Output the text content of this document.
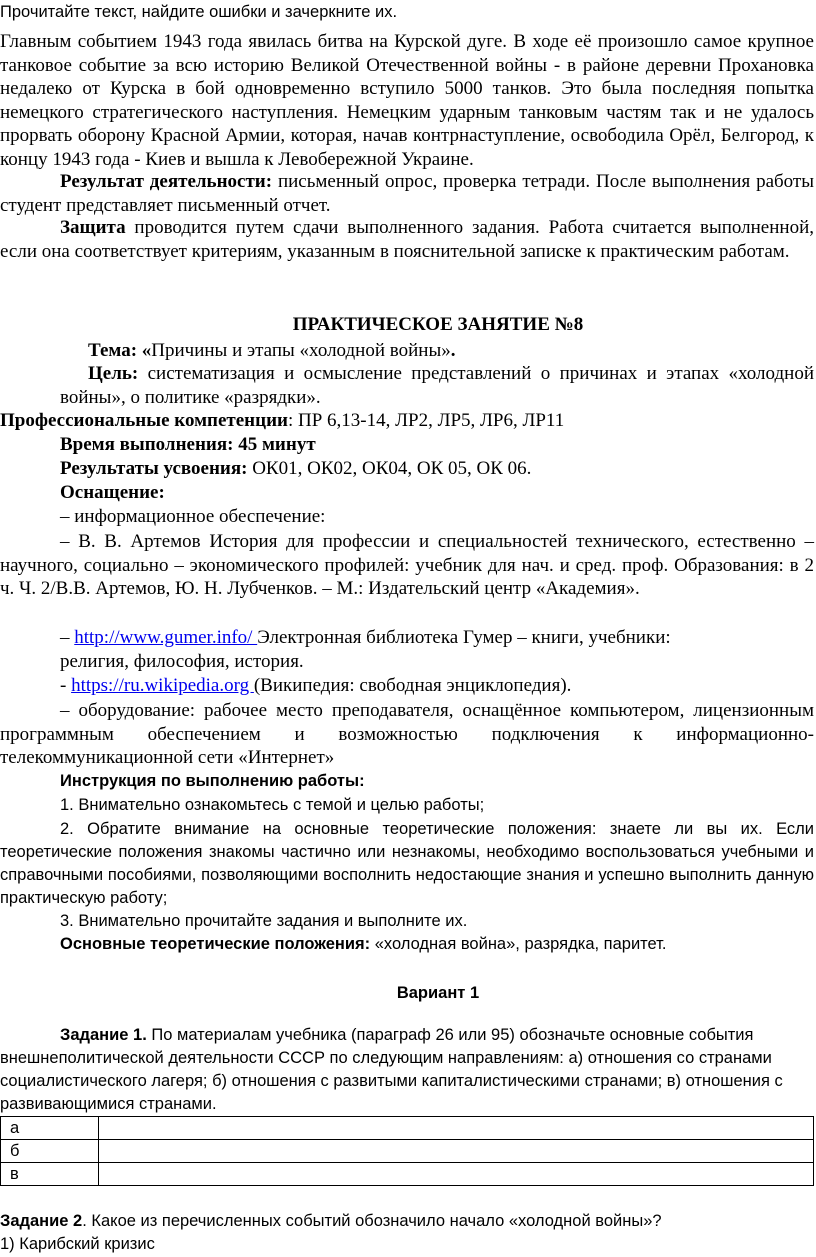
Прочитайте текст, найдите ошибки и зачеркните их.
Главным событием 1943 года явилась битва на Курской дуге. В ходе её произошло самое крупное танковое событие за всю историю Великой Отечественной войны - в районе деревни Прохановка недалеко от Курска в бой одновременно вступило 5000 танков. Это была последняя попытка немецкого стратегического наступления. Немецким ударным танковым частям так и не удалось прорвать оборону Красной Армии, которая, начав контрнаступление, освободила Орёл, Белгород, к концу 1943 года - Киев и вышла к Левобережной Украине.
Результат деятельности: письменный опрос, проверка тетради. После выполнения работы студент представляет письменный отчет.
Защита проводится путем сдачи выполненного задания. Работа считается выполненной, если она соответствует критериям, указанным в пояснительной записке к практическим работам.
ПРАКТИЧЕСКОЕ ЗАНЯТИЕ №8
Тема: «Причины и этапы «холодной войны».
Цель: систематизация и осмысление представлений о причинах и этапах «холодной войны», о политике «разрядки».
Профессиональные компетенции: ПР 6,13-14, ЛР2, ЛР5, ЛР6, ЛР11
Время выполнения: 45 минут
Результаты усвоения: ОК01, ОК02, ОК04, ОК 05, ОК 06.
Оснащение:
– информационное обеспечение:
– В. В. Артемов История для профессии и специальностей технического, естественно – научного, социально – экономического профилей: учебник для нач. и сред. проф. Образования: в 2 ч. Ч. 2/В.В. Артемов, Ю. Н. Лубченков. – М.: Издательский центр «Академия».
– http://www.gumer.info/ Электронная библиотека Гумер – книги, учебники:
религия, философия, история.
- https://ru.wikipedia.org (Википедия: свободная энциклопедия).
– оборудование: рабочее место преподавателя, оснащённое компьютером, лицензионным программным обеспечением и возможностью подключения к информационно-телекоммуникационной сети «Интернет»
Инструкция по выполнению работы:
1. Внимательно ознакомьтесь с темой и целью работы;
2. Обратите внимание на основные теоретические положения: знаете ли вы их. Если теоретические положения знакомы частично или незнакомы, необходимо воспользоваться учебными и справочными пособиями, позволяющими восполнить недостающие знания и успешно выполнить данную практическую работу;
3. Внимательно прочитайте задания и выполните их.
Основные теоретические положения: «холодная война», разрядка, паритет.
Вариант 1
Задание 1. По материалам учебника (параграф 26 или 95) обозначьте основные события внешнеполитической деятельности СССР по следующим направлениям: а) отношения со странами социалистического лагеря; б) отношения с развитыми капиталистическими странами; в) отношения с развивающимися странами.
а	
б	
в	
Задание 2. Какое из перечисленных событий обозначило начало «холодной войны»?
1) Карибский кризис
